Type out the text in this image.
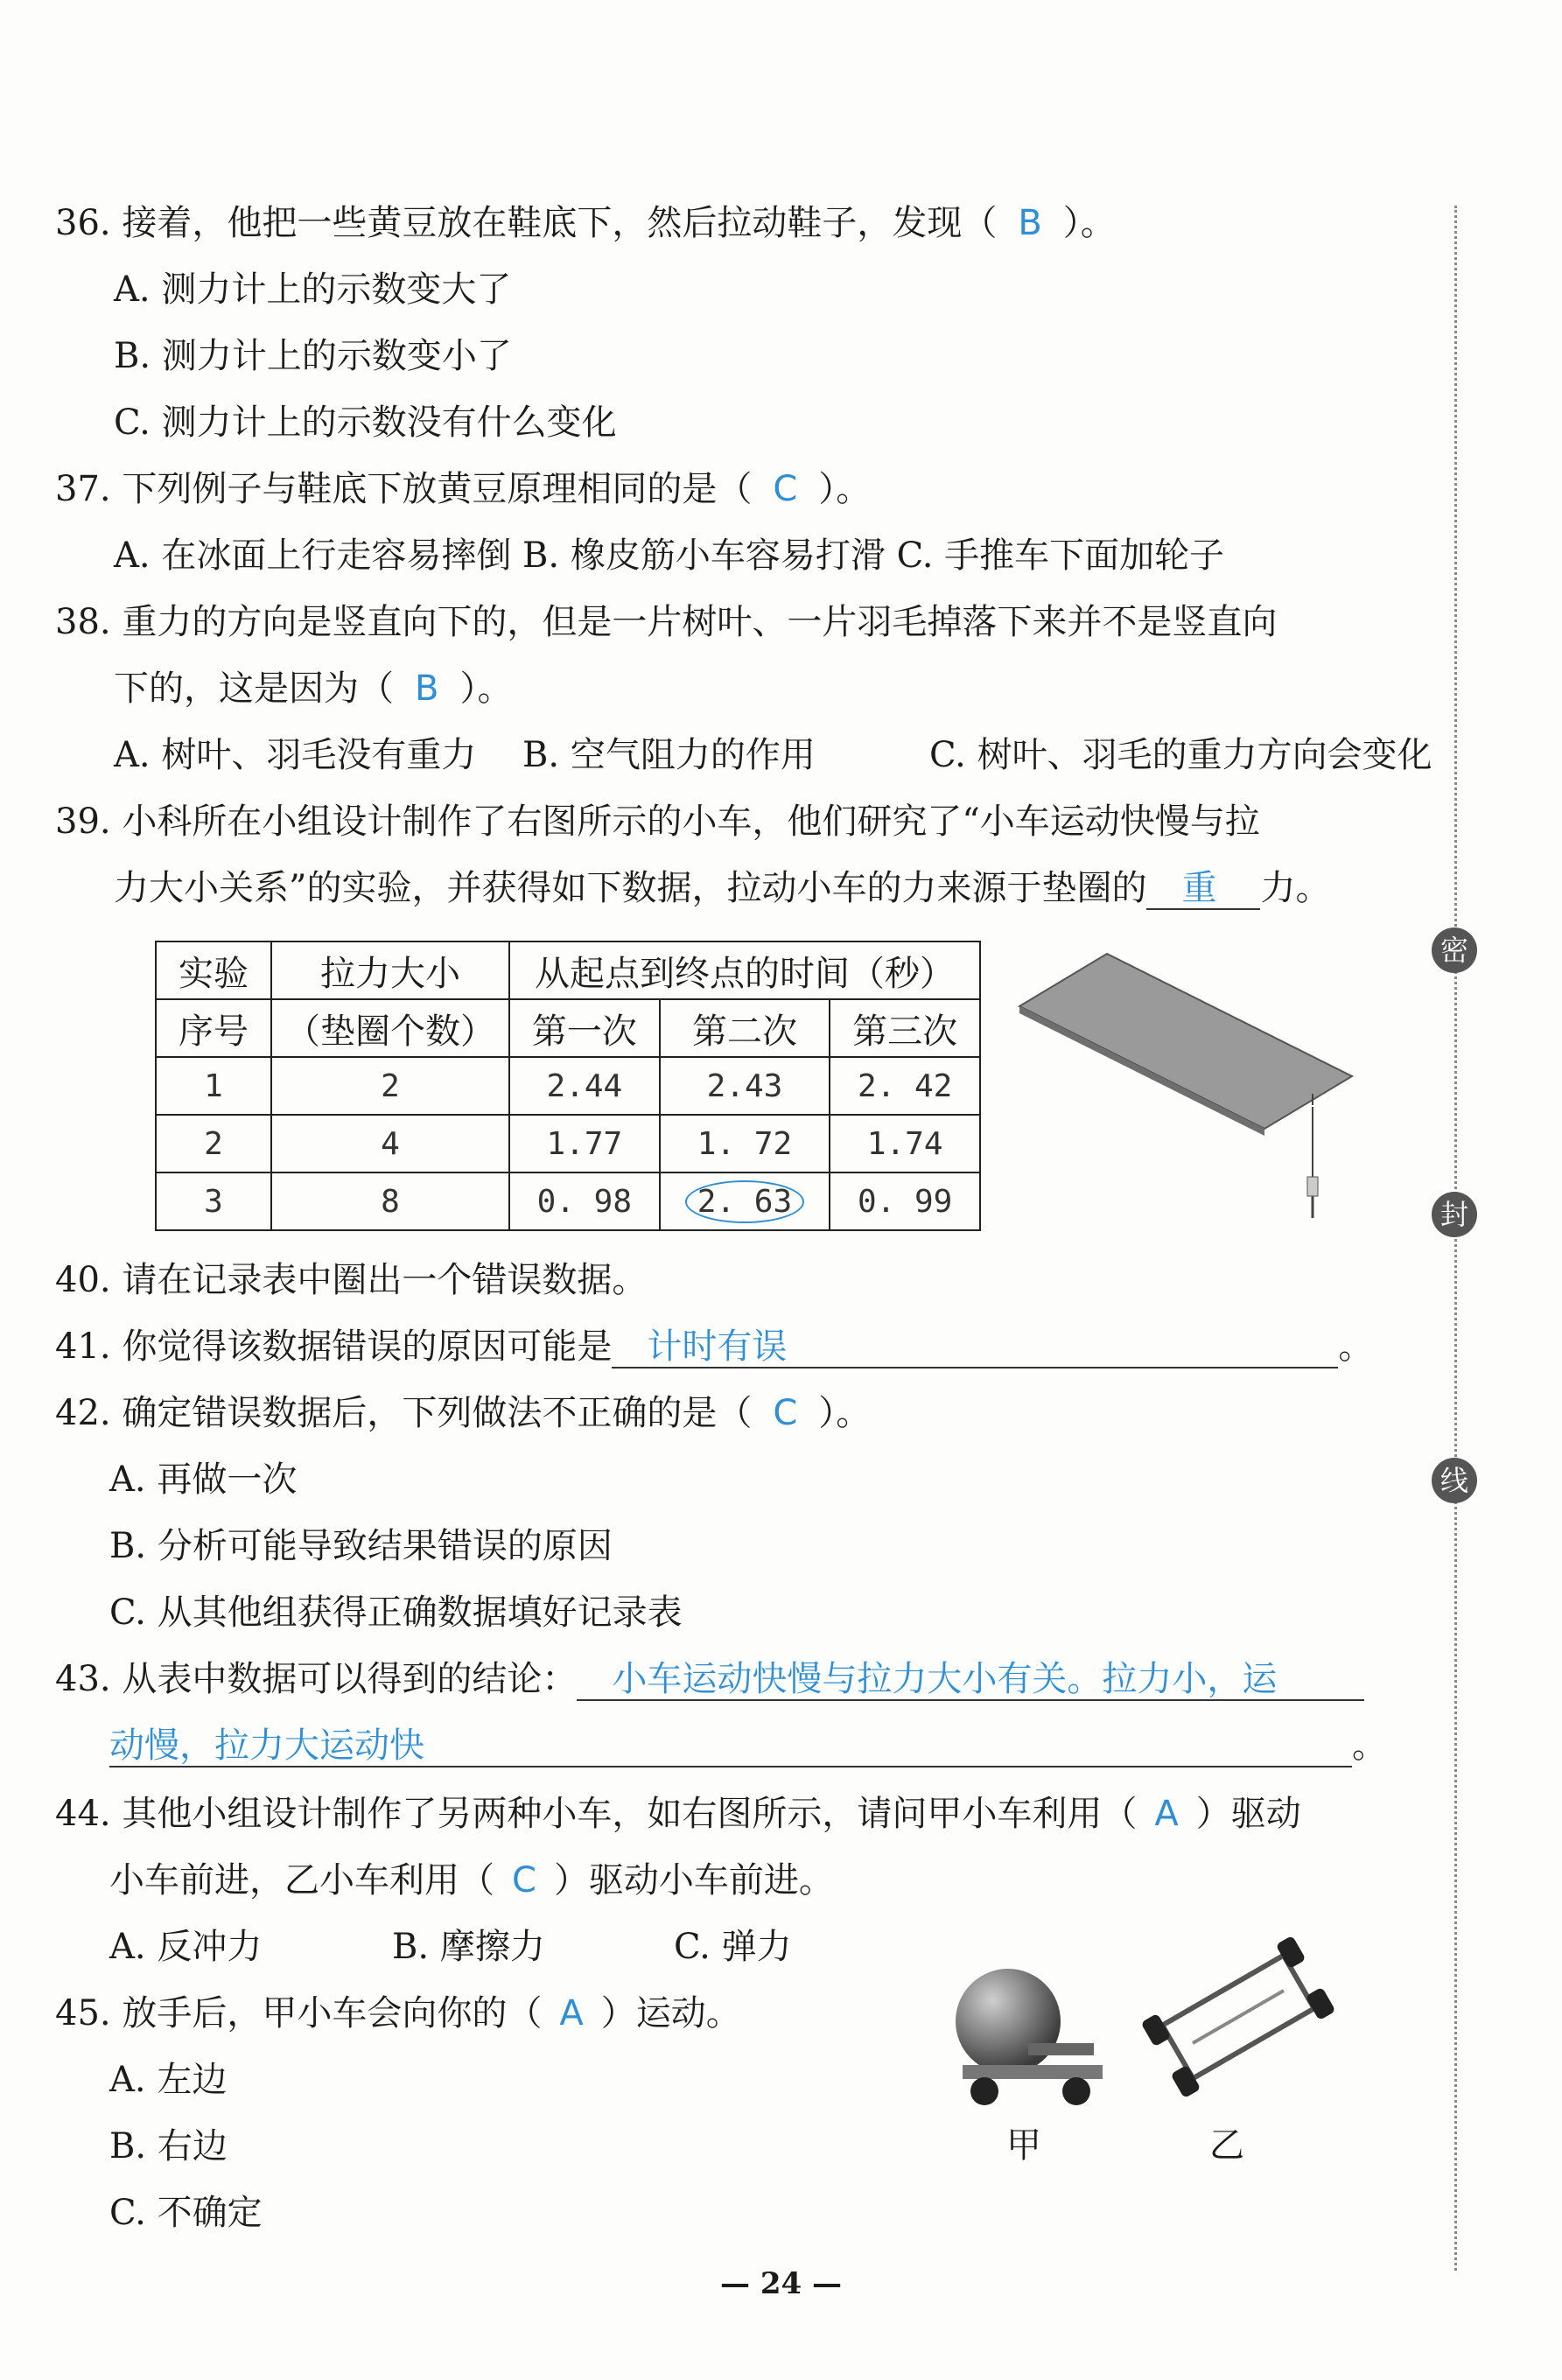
密
封
线
36. 接着，他把一些黄豆放在鞋底下，然后拉动鞋子，发现（ B ）。
A. 测力计上的示数变大了
B. 测力计上的示数变小了
C. 测力计上的示数没有什么变化
37. 下列例子与鞋底下放黄豆原理相同的是（ C ）。
A. 在冰面上行走容易摔倒 B. 橡皮筋小车容易打滑 C. 手推车下面加轮子
38. 重力的方向是竖直向下的，但是一片树叶、一片羽毛掉落下来并不是竖直向
下的，这是因为（ B ）。
A. 树叶、羽毛没有重力 B. 空气阻力的作用	C. 树叶、羽毛的重力方向会变化
39. 小科所在小组设计制作了右图所示的小车，他们研究了“小车运动快慢与拉
力大小关系”的实验，并获得如下数据，拉动小车的力来源于垫圈的 重 力。
实验	拉力大小	从起点到终点的时间（秒）		
序号	（垫圈个数）	第一次	第二次	第三次
1	2	2.44	2.43	2. 42
2	4	1.77	1. 72	1.74
3	8	0. 98	2. 63	0. 99
40. 请在记录表中圈出一个错误数据。
41. 你觉得该数据错误的原因可能是 计时有误	。
42. 确定错误数据后，下列做法不正确的是（ C ）。
A. 再做一次
B. 分析可能导致结果错误的原因
C. 从其他组获得正确数据填好记录表
43. 从表中数据可以得到的结论： 小车运动快慢与拉力大小有关。拉力小，运
动慢，拉力大运动快	。
44. 其他小组设计制作了另两种小车，如右图所示，请问甲小车利用（ A ）驱动
小车前进，乙小车利用（ C ）驱动小车前进。
A. 反冲力	B. 摩擦力	C. 弹力
45. 放手后，甲小车会向你的（ A ）运动。
A. 左边
B. 右边
C. 不确定
甲	乙
— 24 —
